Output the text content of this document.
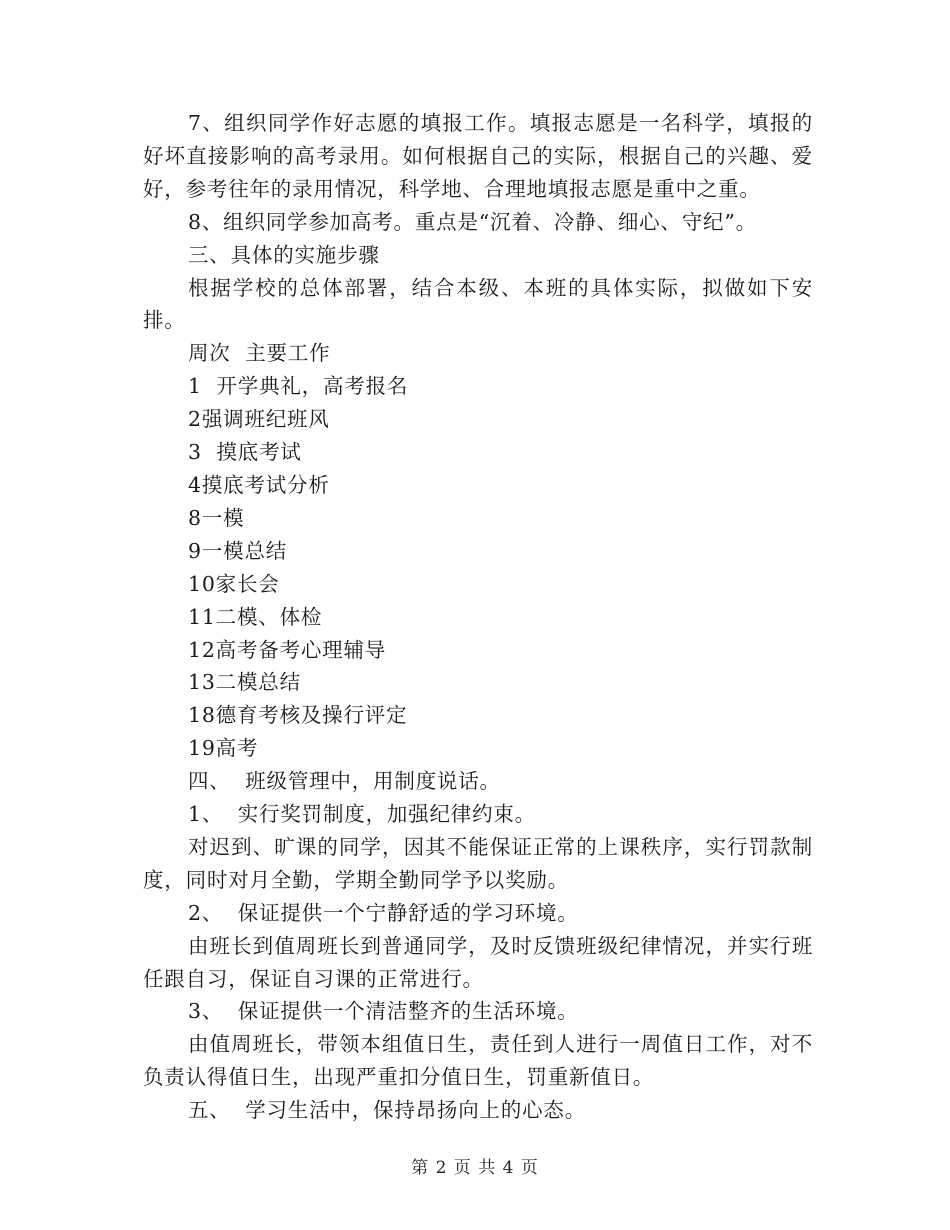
7、组织同学作好志愿的填报工作。填报志愿是一名科学，填报的好坏直接影响的高考录用。如何根据自己的实际，根据自己的兴趣、爱好，参考往年的录用情况，科学地、合理地填报志愿是重中之重。

8、组织同学参加高考。重点是“沉着、冷静、细心、守纪”。

三、具体的实施步骤

根据学校的总体部署，结合本级、本班的具体实际，拟做如下安排。

周次  主要工作

1  开学典礼，高考报名

2强调班纪班风

3  摸底考试

4摸底考试分析

8一模

9一模总结

10家长会

11二模、体检

12高考备考心理辅导

13二模总结

18德育考核及操行评定

19高考

四、  班级管理中，用制度说话。

1、  实行奖罚制度，加强纪律约束。

对迟到、旷课的同学，因其不能保证正常的上课秩序，实行罚款制度，同时对月全勤，学期全勤同学予以奖励。

2、  保证提供一个宁静舒适的学习环境。

由班长到值周班长到普通同学，及时反馈班级纪律情况，并实行班任跟自习，保证自习课的正常进行。

3、  保证提供一个清洁整齐的生活环境。

由值周班长，带领本组值日生，责任到人进行一周值日工作，对不负责认得值日生，出现严重扣分值日生，罚重新值日。

五、  学习生活中，保持昂扬向上的心态。

第 2 页 共 4 页
